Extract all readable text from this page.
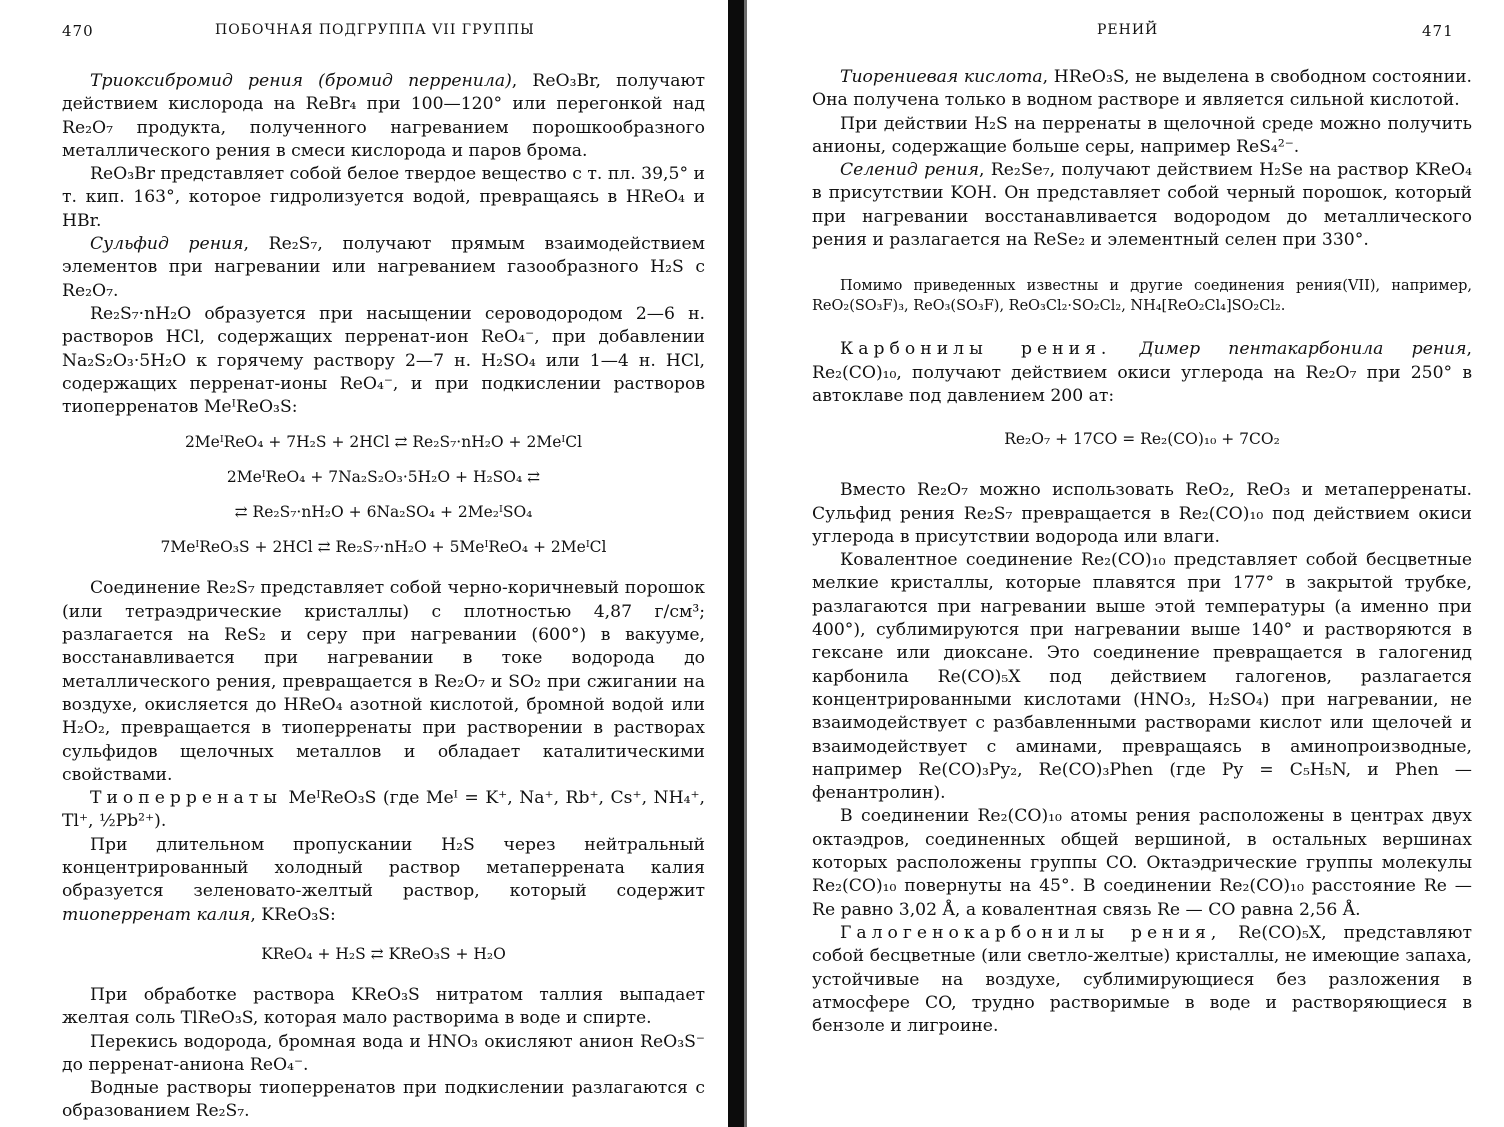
470	ПОБОЧНАЯ ПОДГРУППА VII ГРУППЫ

Триоксибромид рения (бромид перренила), ReO₃Br, получают действием кислорода на ReBr₄ при 100—120° или перегонкой над Re₂O₇ продукта, полученного нагреванием порошкообразного металлического рения в смеси кислорода и паров брома.

ReO₃Br представляет собой белое твердое вещество с т. пл. 39,5° и т. кип. 163°, которое гидролизуется водой, превращаясь в HReO₄ и HBr.

Сульфид рения, Re₂S₇, получают прямым взаимодействием элементов при нагревании или нагреванием газообразного H₂S с Re₂O₇.

Re₂S₇·nH₂O образуется при насыщении сероводородом 2—6 н. растворов HCl, содержащих перренат-ион ReO₄⁻, при добавлении Na₂S₂O₃·5H₂O к горячему раствору 2—7 н. H₂SO₄ или 1—4 н. HCl, содержащих перренат-ионы ReO₄⁻, и при подкислении растворов тиоперренатов MeᴵReO₃S:

2MeᴵReO₄ + 7H₂S + 2HCl ⇄ Re₂S₇·nH₂O + 2MeᴵCl

2MeᴵReO₄ + 7Na₂S₂O₃·5H₂O + H₂SO₄ ⇄

⇄ Re₂S₇·nH₂O + 6Na₂SO₄ + 2Me₂ᴵSO₄

7MeᴵReO₃S + 2HCl ⇄ Re₂S₇·nH₂O + 5MeᴵReO₄ + 2MeᴵCl

Соединение Re₂S₇ представляет собой черно-коричневый порошок (или тетраэдрические кристаллы) с плотностью 4,87 г/см³; разлагается на ReS₂ и серу при нагревании (600°) в вакууме, восстанавливается при нагревании в токе водорода до металлического рения, превращается в Re₂O₇ и SO₂ при сжигании на воздухе, окисляется до HReO₄ азотной кислотой, бромной водой или H₂O₂, превращается в тиоперренаты при растворении в растворах сульфидов щелочных металлов и обладает каталитическими свойствами.

Тиоперренаты MeᴵReO₃S (где Meᴵ = K⁺, Na⁺, Rb⁺, Cs⁺, NH₄⁺, Tl⁺, ½Pb²⁺).

При длительном пропускании H₂S через нейтральный концентрированный холодный раствор метаперрената калия образуется зеленовато-желтый раствор, который содержит тиоперренат калия, KReO₃S:

KReO₄ + H₂S ⇄ KReO₃S + H₂O

При обработке раствора KReO₃S нитратом таллия выпадает желтая соль TlReO₃S, которая мало растворима в воде и спирте.

Перекись водорода, бромная вода и HNO₃ окисляют анион ReO₃S⁻ до перренат-аниона ReO₄⁻.

Водные растворы тиоперренатов при подкислении разлагаются с образованием Re₂S₇.

РЕНИЙ	471

Тиорениевая кислота, HReO₃S, не выделена в свободном состоянии. Она получена только в водном растворе и является сильной кислотой.

При действии H₂S на перренаты в щелочной среде можно получить анионы, содержащие больше серы, например ReS₄²⁻.

Селенид рения, Re₂Se₇, получают действием H₂Se на раствор KReO₄ в присутствии KOH. Он представляет собой черный порошок, который при нагревании восстанавливается водородом до металлического рения и разлагается на ReSe₂ и элементный селен при 330°.

Помимо приведенных известны и другие соединения рения(VII), например, ReO₂(SO₃F)₃, ReO₃(SO₃F), ReO₃Cl₂·SO₂Cl₂, NH₄[ReO₂Cl₄]SO₂Cl₂.

Карбонилы рения. Димер пентакарбонила рения, Re₂(CO)₁₀, получают действием окиси углерода на Re₂O₇ при 250° в автоклаве под давлением 200 ат:

Re₂O₇ + 17CO = Re₂(CO)₁₀ + 7CO₂

Вместо Re₂O₇ можно использовать ReO₂, ReO₃ и метаперренаты. Сульфид рения Re₂S₇ превращается в Re₂(CO)₁₀ под действием окиси углерода в присутствии водорода или влаги.

Ковалентное соединение Re₂(CO)₁₀ представляет собой бесцветные мелкие кристаллы, которые плавятся при 177° в закрытой трубке, разлагаются при нагревании выше этой температуры (а именно при 400°), сублимируются при нагревании выше 140° и растворяются в гексане или диоксане. Это соединение превращается в галогенид карбонила Re(CO)₅X под действием галогенов, разлагается концентрированными кислотами (HNO₃, H₂SO₄) при нагревании, не взаимодействует с разбавленными растворами кислот или щелочей и взаимодействует с аминами, превращаясь в аминопроизводные, например Re(CO)₃Py₂, Re(CO)₃Phen (где Py = C₅H₅N, и Phen — фенантролин).

В соединении Re₂(CO)₁₀ атомы рения расположены в центрах двух октаэдров, соединенных общей вершиной, в остальных вершинах которых расположены группы CO. Октаэдрические группы молекулы Re₂(CO)₁₀ повернуты на 45°. В соединении Re₂(CO)₁₀ расстояние Re — Re равно 3,02 Å, а ковалентная связь Re — CO равна 2,56 Å.

Галогенокарбонилы рения, Re(CO)₅X, представляют собой бесцветные (или светло-желтые) кристаллы, не имеющие запаха, устойчивые на воздухе, сублимирующиеся без разложения в атмосфере CO, трудно растворимые в воде и растворяющиеся в бензоле и лигроине.
